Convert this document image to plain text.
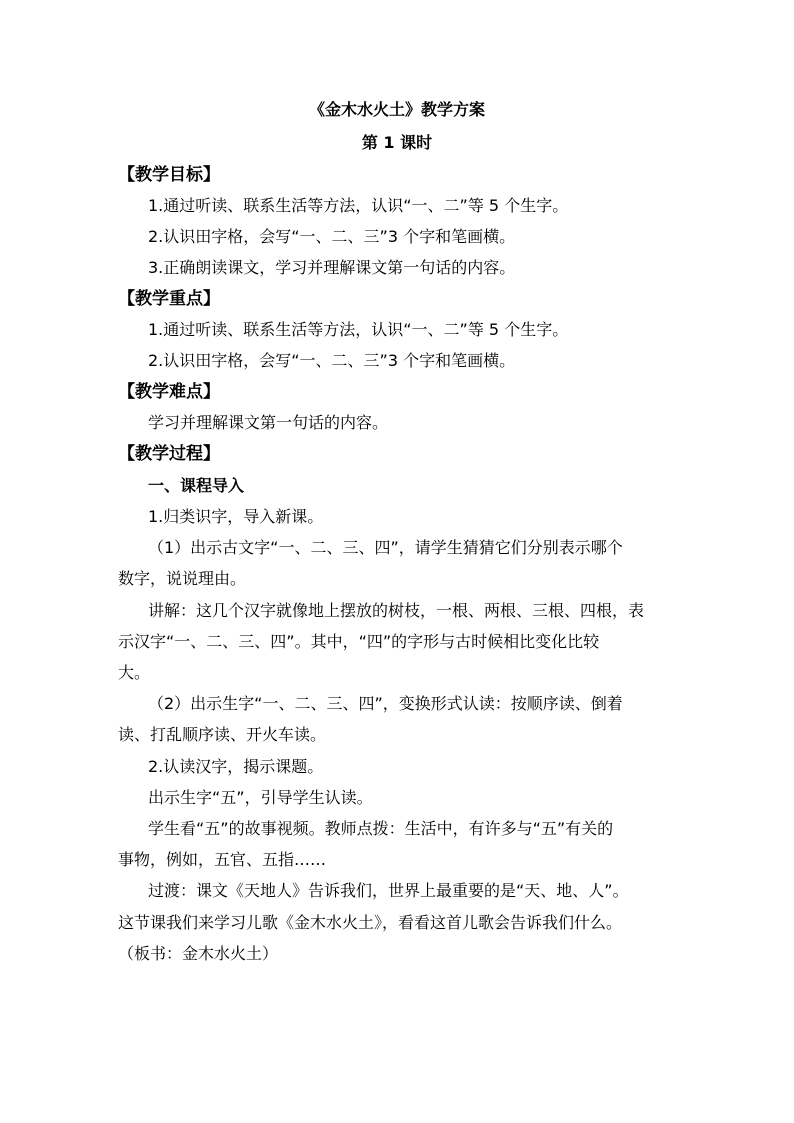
《金木水火土》教学方案
第 1 课时
【教学目标】
1.通过听读、联系生活等方法，认识“一、二”等 5 个生字。
2.认识田字格，会写“一、二、三”3 个字和笔画横。
3.正确朗读课文，学习并理解课文第一句话的内容。
【教学重点】
1.通过听读、联系生活等方法，认识“一、二”等 5 个生字。
2.认识田字格，会写“一、二、三”3 个字和笔画横。
【教学难点】
学习并理解课文第一句话的内容。
【教学过程】
一、课程导入
1.归类识字，导入新课。
（1）出示古文字“一、二、三、四”，请学生猜猜它们分别表示哪个
数字，说说理由。
讲解：这几个汉字就像地上摆放的树枝，一根、两根、三根、四根，表
示汉字“一、二、三、四”。其中，“四”的字形与古时候相比变化比较
大。
（2）出示生字“一、二、三、四”，变换形式认读：按顺序读、倒着
读、打乱顺序读、开火车读。
2.认读汉字，揭示课题。
出示生字“五”，引导学生认读。
学生看“五”的故事视频。教师点拨：生活中，有许多与“五”有关的
事物，例如，五官、五指……
过渡：课文《天地人》告诉我们，世界上最重要的是“天、地、人”。
这节课我们来学习儿歌《金木水火土》，看看这首儿歌会告诉我们什么。
（板书：金木水火土）
